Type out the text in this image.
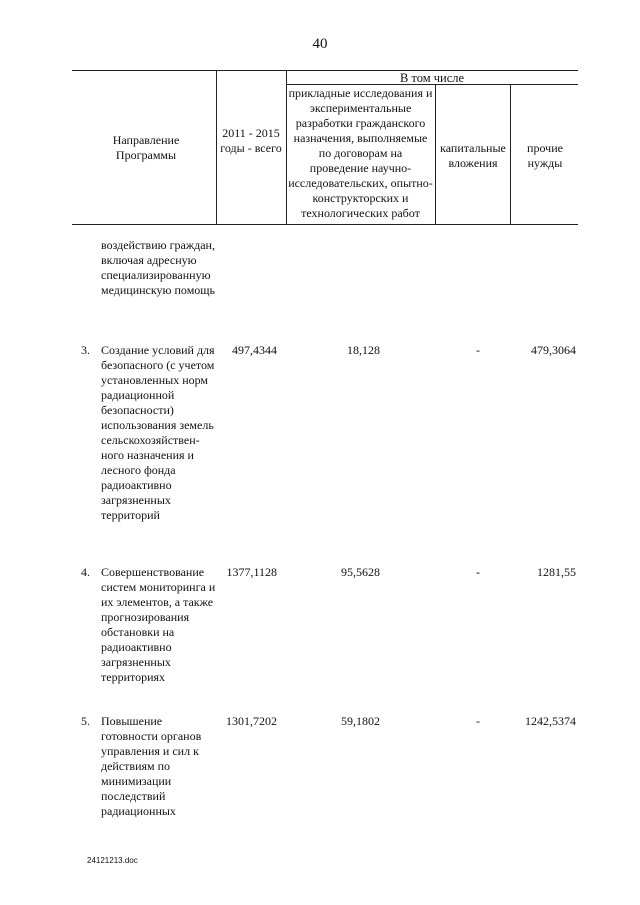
40
Направление Программы
2011 - 2015 годы - всего
В том числе
прикладные исследования и экспериментальные разработки гражданского назначения, выполняемые по договорам на проведение научно-исследовательских, опытно-конструкторских и технологических работ
капитальные вложения
прочие нужды
воздействию граждан, включая адресную специализированную медицинскую помощь
3. Создание условий для безопасного (с учетом установленных норм радиационной безопасности) использования земель сельскохозяйствен-ного назначения и лесного фонда радиоактивно загрязненных территорий
497,4344	18,128	-	479,3064
4. Совершенствование систем мониторинга и их элементов, а также прогнозирования обстановки на радиоактивно загрязненных территориях
1377,1128	95,5628	-	1281,55
5. Повышение готовности органов управления и сил к действиям по минимизации последствий радиационных
1301,7202	59,1802	-	1242,5374
24121213.doc
